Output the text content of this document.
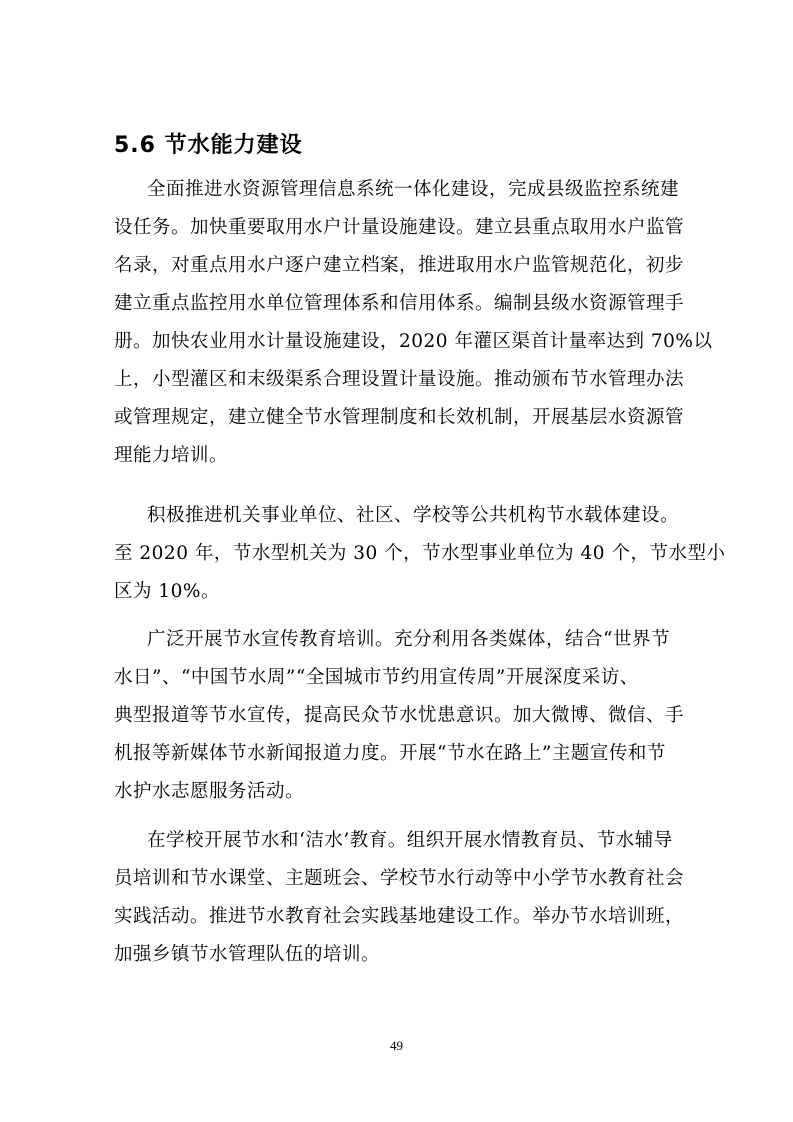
5.6 节水能力建设
全面推进水资源管理信息系统一体化建设，完成县级监控系统建
设任务。加快重要取用水户计量设施建设。建立县重点取用水户监管
名录，对重点用水户逐户建立档案，推进取用水户监管规范化，初步
建立重点监控用水单位管理体系和信用体系。编制县级水资源管理手
册。加快农业用水计量设施建设，2020 年灌区渠首计量率达到 70%以
上，小型灌区和末级渠系合理设置计量设施。推动颁布节水管理办法
或管理规定，建立健全节水管理制度和长效机制，开展基层水资源管
理能力培训。
积极推进机关事业单位、社区、学校等公共机构节水载体建设。
至 2020 年，节水型机关为 30 个，节水型事业单位为 40 个，节水型小
区为 10%。
广泛开展节水宣传教育培训。充分利用各类媒体，结合“世界节
水日”、“中国节水周”“全国城市节约用宣传周”开展深度采访、
典型报道等节水宣传，提高民众节水忧患意识。加大微博、微信、手
机报等新媒体节水新闻报道力度。开展“节水在路上”主题宣传和节
水护水志愿服务活动。
在学校开展节水和‘洁水’教育。组织开展水情教育员、节水辅导
员培训和节水课堂、主题班会、学校节水行动等中小学节水教育社会
实践活动。推进节水教育社会实践基地建设工作。举办节水培训班，
加强乡镇节水管理队伍的培训。
49
